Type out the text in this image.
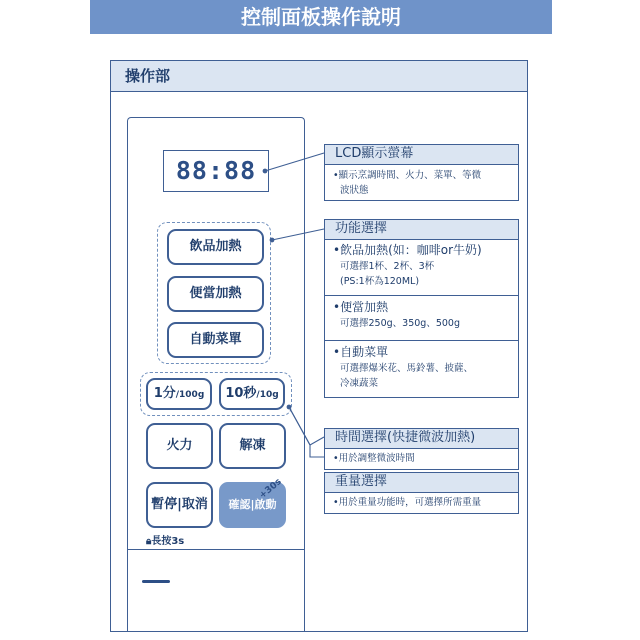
控制面板操作說明
操作部
88:88
飲品加熱
便當加熱
自動菜單
1分/100g	10秒/10g
火力	解凍
暫停|取消	確認|啟動
+30s
🔒︎長按3s
LCD顯示螢幕
•顯示烹調時間、火力、菜單、等微
波狀態
功能選擇
•飲品加熱(如：咖啡or牛奶)
可選擇1杯、2杯、3杯
(PS:1杯為120ML)
•便當加熱
可選擇250g、350g、500g
•自動菜單
可選擇爆米花、馬鈴薯、披薩、
冷凍蔬菜
時間選擇(快捷微波加熱)
•用於調整微波時間
重量選擇
•用於重量功能時，可選擇所需重量
